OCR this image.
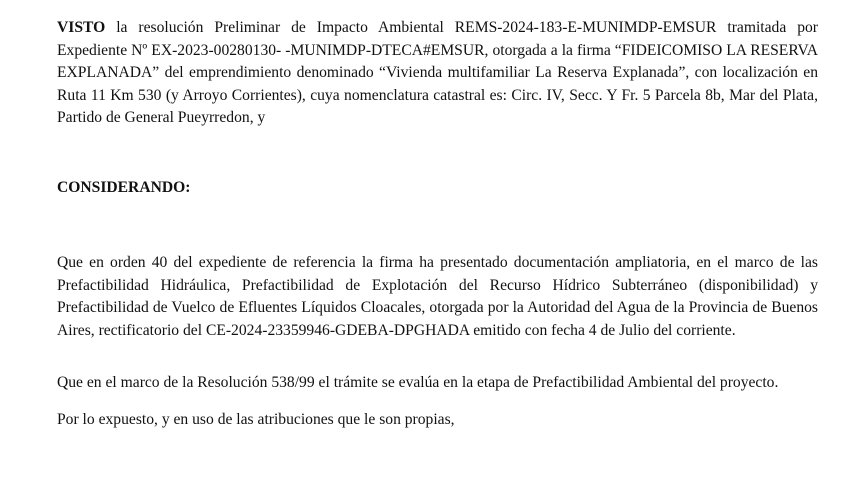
VISTO la resolución Preliminar de Impacto Ambiental REMS-2024-183-E-MUNIMDP-EMSUR tramitada por Expediente Nº EX-2023-00280130- -MUNIMDP-DTECA#EMSUR, otorgada a la firma “FIDEICOMISO LA RESERVA EXPLANADA” del emprendimiento denominado “Vivienda multifamiliar La Reserva Explanada”, con localización en Ruta 11 Km 530 (y Arroyo Corrientes), cuya nomenclatura catastral es: Circ. IV, Secc. Y Fr. 5 Parcela 8b, Mar del Plata, Partido de General Pueyrredon, y

CONSIDERANDO:

Que en orden 40 del expediente de referencia la firma ha presentado documentación ampliatoria, en el marco de las Prefactibilidad Hidráulica, Prefactibilidad de Explotación del Recurso Hídrico Subterráneo (disponibilidad) y Prefactibilidad de Vuelco de Efluentes Líquidos Cloacales, otorgada por la Autoridad del Agua de la Provincia de Buenos Aires, rectificatorio del CE-2024-23359946-GDEBA-DPGHADA emitido con fecha 4 de Julio del corriente.

Que en el marco de la Resolución 538/99 el trámite se evalúa en la etapa de Prefactibilidad Ambiental del proyecto.

Por lo expuesto, y en uso de las atribuciones que le son propias,
